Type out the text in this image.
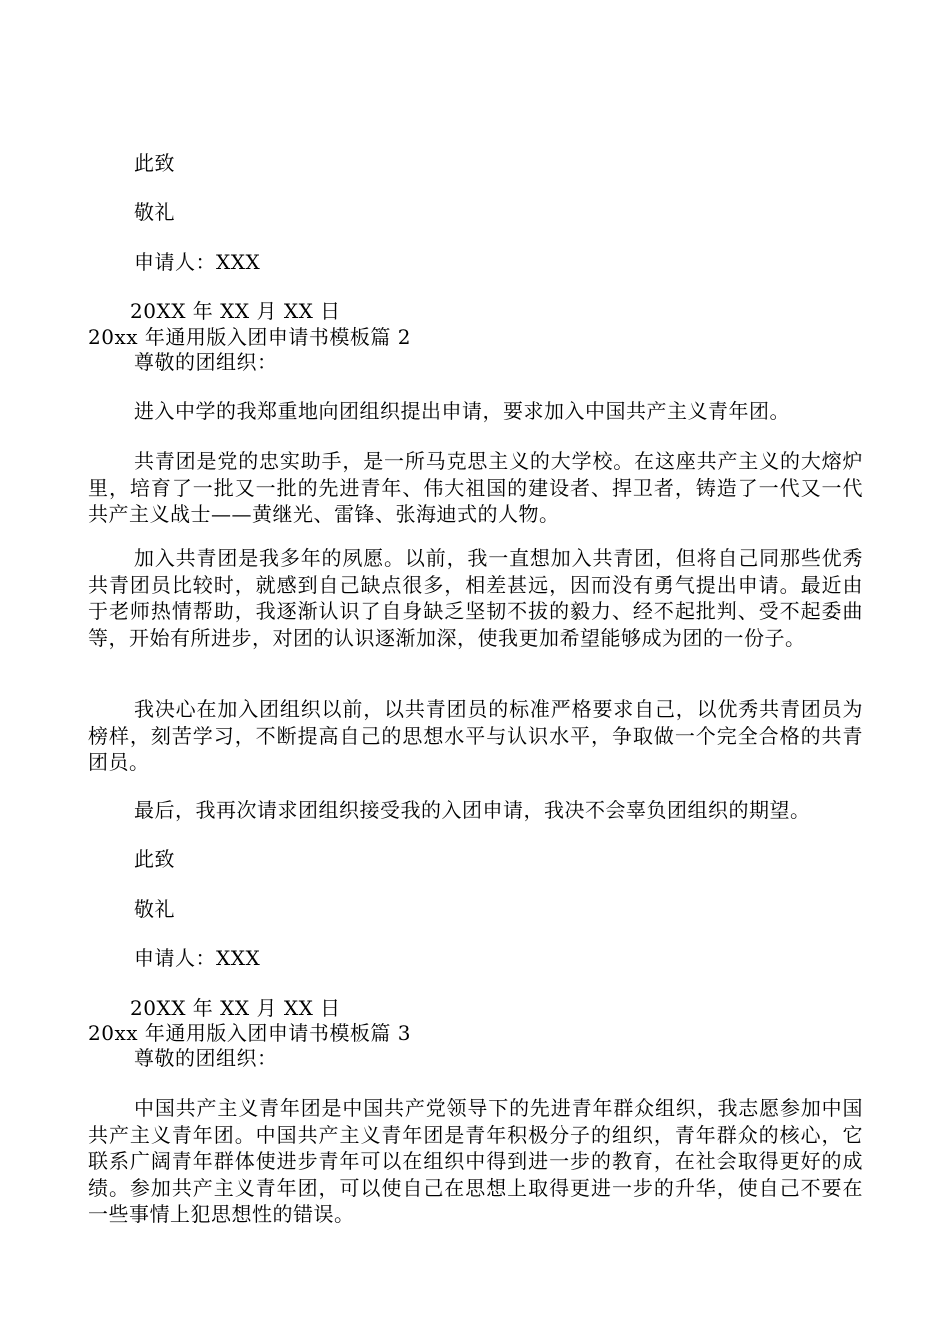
此致

敬礼

申请人：XXX

20XX 年 XX 月 XX 日

20xx 年通用版入团申请书模板篇 2

尊敬的团组织：

进入中学的我郑重地向团组织提出申请，要求加入中国共产主义青年团。

共青团是党的忠实助手，是一所马克思主义的大学校。在这座共产主义的大熔炉里，培育了一批又一批的先进青年、伟大祖国的建设者、捍卫者，铸造了一代又一代共产主义战士——黄继光、雷锋、张海迪式的人物。

加入共青团是我多年的夙愿。以前，我一直想加入共青团，但将自己同那些优秀共青团员比较时，就感到自己缺点很多，相差甚远，因而没有勇气提出申请。最近由于老师热情帮助，我逐渐认识了自身缺乏坚韧不拔的毅力、经不起批判、受不起委曲等，开始有所进步，对团的认识逐渐加深，使我更加希望能够成为团的一份子。

我决心在加入团组织以前，以共青团员的标准严格要求自己，以优秀共青团员为榜样，刻苦学习，不断提高自己的思想水平与认识水平，争取做一个完全合格的共青团员。

最后，我再次请求团组织接受我的入团申请，我决不会辜负团组织的期望。

此致

敬礼

申请人：XXX

20XX 年 XX 月 XX 日

20xx 年通用版入团申请书模板篇 3

尊敬的团组织：

中国共产主义青年团是中国共产党领导下的先进青年群众组织，我志愿参加中国共产主义青年团。中国共产主义青年团是青年积极分子的组织，青年群众的核心，它联系广阔青年群体使进步青年可以在组织中得到进一步的教育，在社会取得更好的成绩。参加共产主义青年团，可以使自己在思想上取得更进一步的升华，使自己不要在一些事情上犯思想性的错误。
